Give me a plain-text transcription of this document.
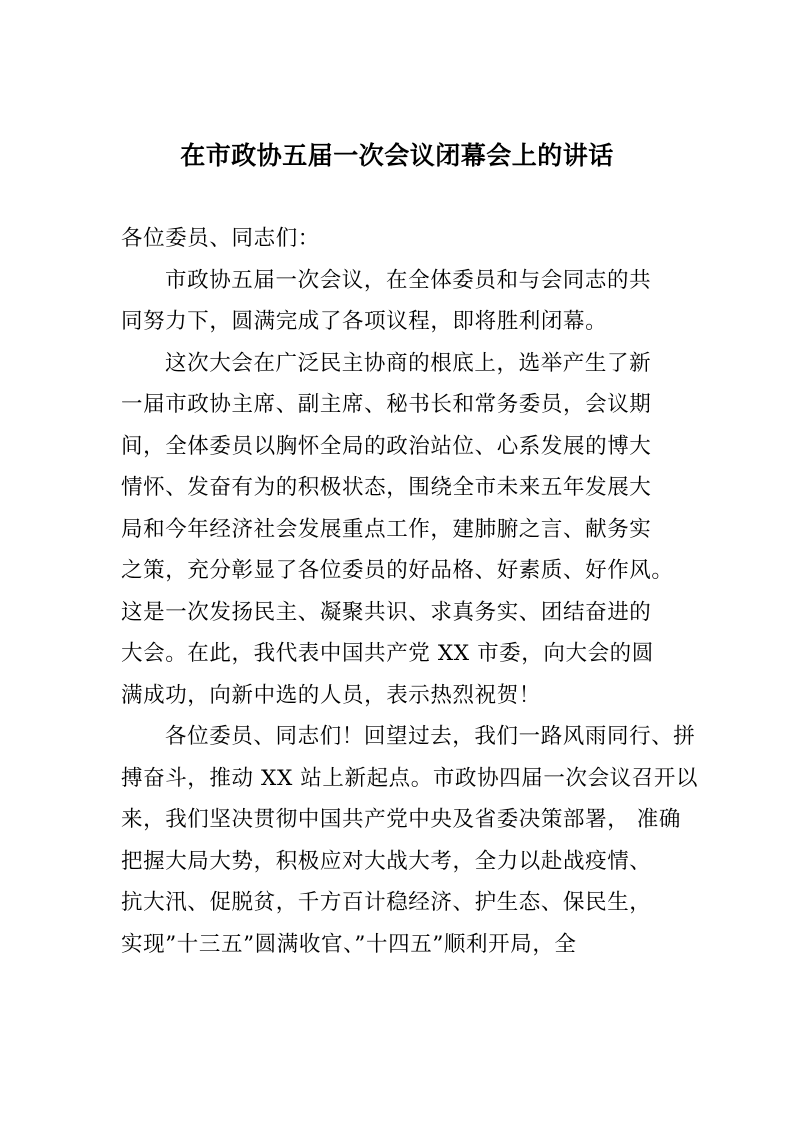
在市政协五届一次会议闭幕会上的讲话
各位委员、同志们：
市政协五届一次会议，在全体委员和与会同志的共
同努力下，圆满完成了各项议程，即将胜利闭幕。
这次大会在广泛民主协商的根底上，选举产生了新
一届市政协主席、副主席、秘书长和常务委员，会议期
间，全体委员以胸怀全局的政治站位、心系发展的博大
情怀、发奋有为的积极状态，围绕全市未来五年发展大
局和今年经济社会发展重点工作，建肺腑之言、献务实
之策，充分彰显了各位委员的好品格、好素质、好作风。
这是一次发扬民主、凝聚共识、求真务实、团结奋进的
大会。在此，我代表中国共产党 XX 市委，向大会的圆
满成功，向新中选的人员，表示热烈祝贺！
各位委员、同志们！回望过去，我们一路风雨同行、拼
搏奋斗，推动 XX 站上新起点。市政协四届一次会议召开以
来，我们坚决贯彻中国共产党中央及省委决策部署， 准确
把握大局大势，积极应对大战大考，全力以赴战疫情、
抗大汛、促脱贫，千方百计稳经济、护生态、保民生，
实现”十三五”圆满收官、”十四五”顺利开局，全
